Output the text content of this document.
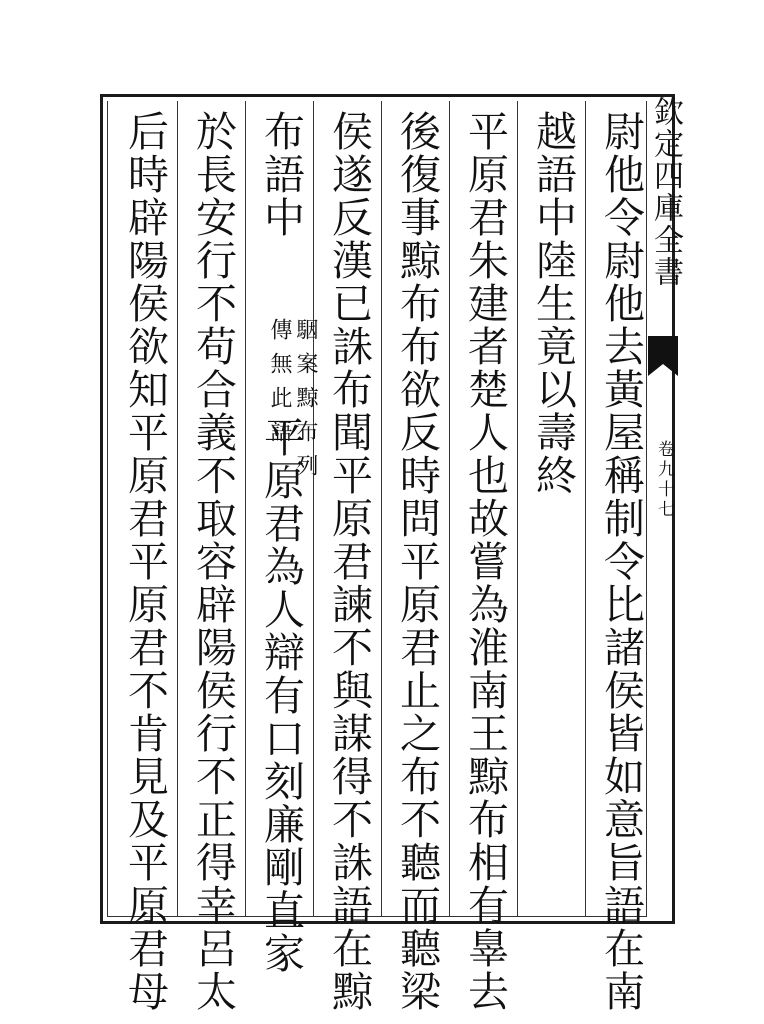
欽定四庫全書
卷九十七
尉他令尉他去黃屋稱制令比諸侯皆如意旨語在南
越語中陸生竟以壽終
平原君朱建者楚人也故嘗為淮南王黥布相有辠去
後復事黥布布欲反時問平原君止之布不聽而聽梁
侯遂反漢已誅布聞平原君諫不與謀得不誅語在黥
布語中
駰案黥布列
傳無此語
平原君為人辯有口刻廉剛直家
於長安行不苟合義不取容辟陽侯行不正得幸呂太
后時辟陽侯欲知平原君平原君不肯見及平原君母
